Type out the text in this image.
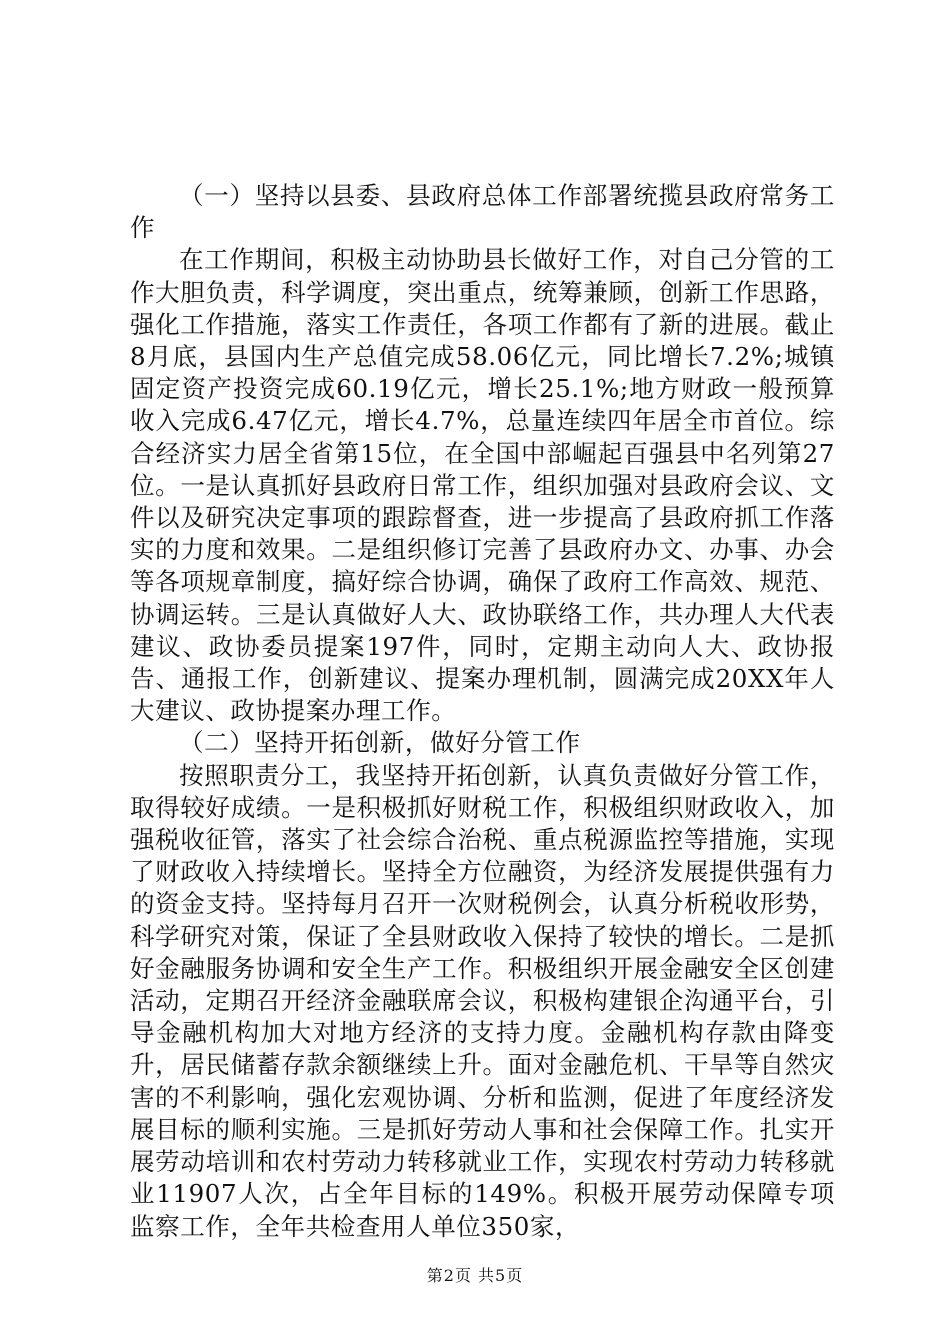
（一）坚持以县委、县政府总体工作部署统揽县政府常务工作

在工作期间，积极主动协助县长做好工作，对自己分管的工作大胆负责，科学调度，突出重点，统筹兼顾，创新工作思路，强化工作措施，落实工作责任，各项工作都有了新的进展。截止8月底，县国内生产总值完成58.06亿元，同比增长7.2%;城镇固定资产投资完成60.19亿元，增长25.1%;地方财政一般预算收入完成6.47亿元，增长4.7%，总量连续四年居全市首位。综合经济实力居全省第15位，在全国中部崛起百强县中名列第27位。一是认真抓好县政府日常工作，组织加强对县政府会议、文件以及研究决定事项的跟踪督查，进一步提高了县政府抓工作落实的力度和效果。二是组织修订完善了县政府办文、办事、办会等各项规章制度，搞好综合协调，确保了政府工作高效、规范、协调运转。三是认真做好人大、政协联络工作，共办理人大代表建议、政协委员提案197件，同时，定期主动向人大、政协报告、通报工作，创新建议、提案办理机制，圆满完成20XX年人大建议、政协提案办理工作。

（二）坚持开拓创新，做好分管工作

按照职责分工，我坚持开拓创新，认真负责做好分管工作，取得较好成绩。一是积极抓好财税工作，积极组织财政收入，加强税收征管，落实了社会综合治税、重点税源监控等措施，实现了财政收入持续增长。坚持全方位融资，为经济发展提供强有力的资金支持。坚持每月召开一次财税例会，认真分析税收形势，科学研究对策，保证了全县财政收入保持了较快的增长。二是抓好金融服务协调和安全生产工作。积极组织开展金融安全区创建活动，定期召开经济金融联席会议，积极构建银企沟通平台，引导金融机构加大对地方经济的支持力度。金融机构存款由降变升，居民储蓄存款余额继续上升。面对金融危机、干旱等自然灾害的不利影响，强化宏观协调、分析和监测，促进了年度经济发展目标的顺利实施。三是抓好劳动人事和社会保障工作。扎实开展劳动培训和农村劳动力转移就业工作，实现农村劳动力转移就业11907人次，占全年目标的149%。积极开展劳动保障专项监察工作，全年共检查用人单位350家，

第2页 共5页
